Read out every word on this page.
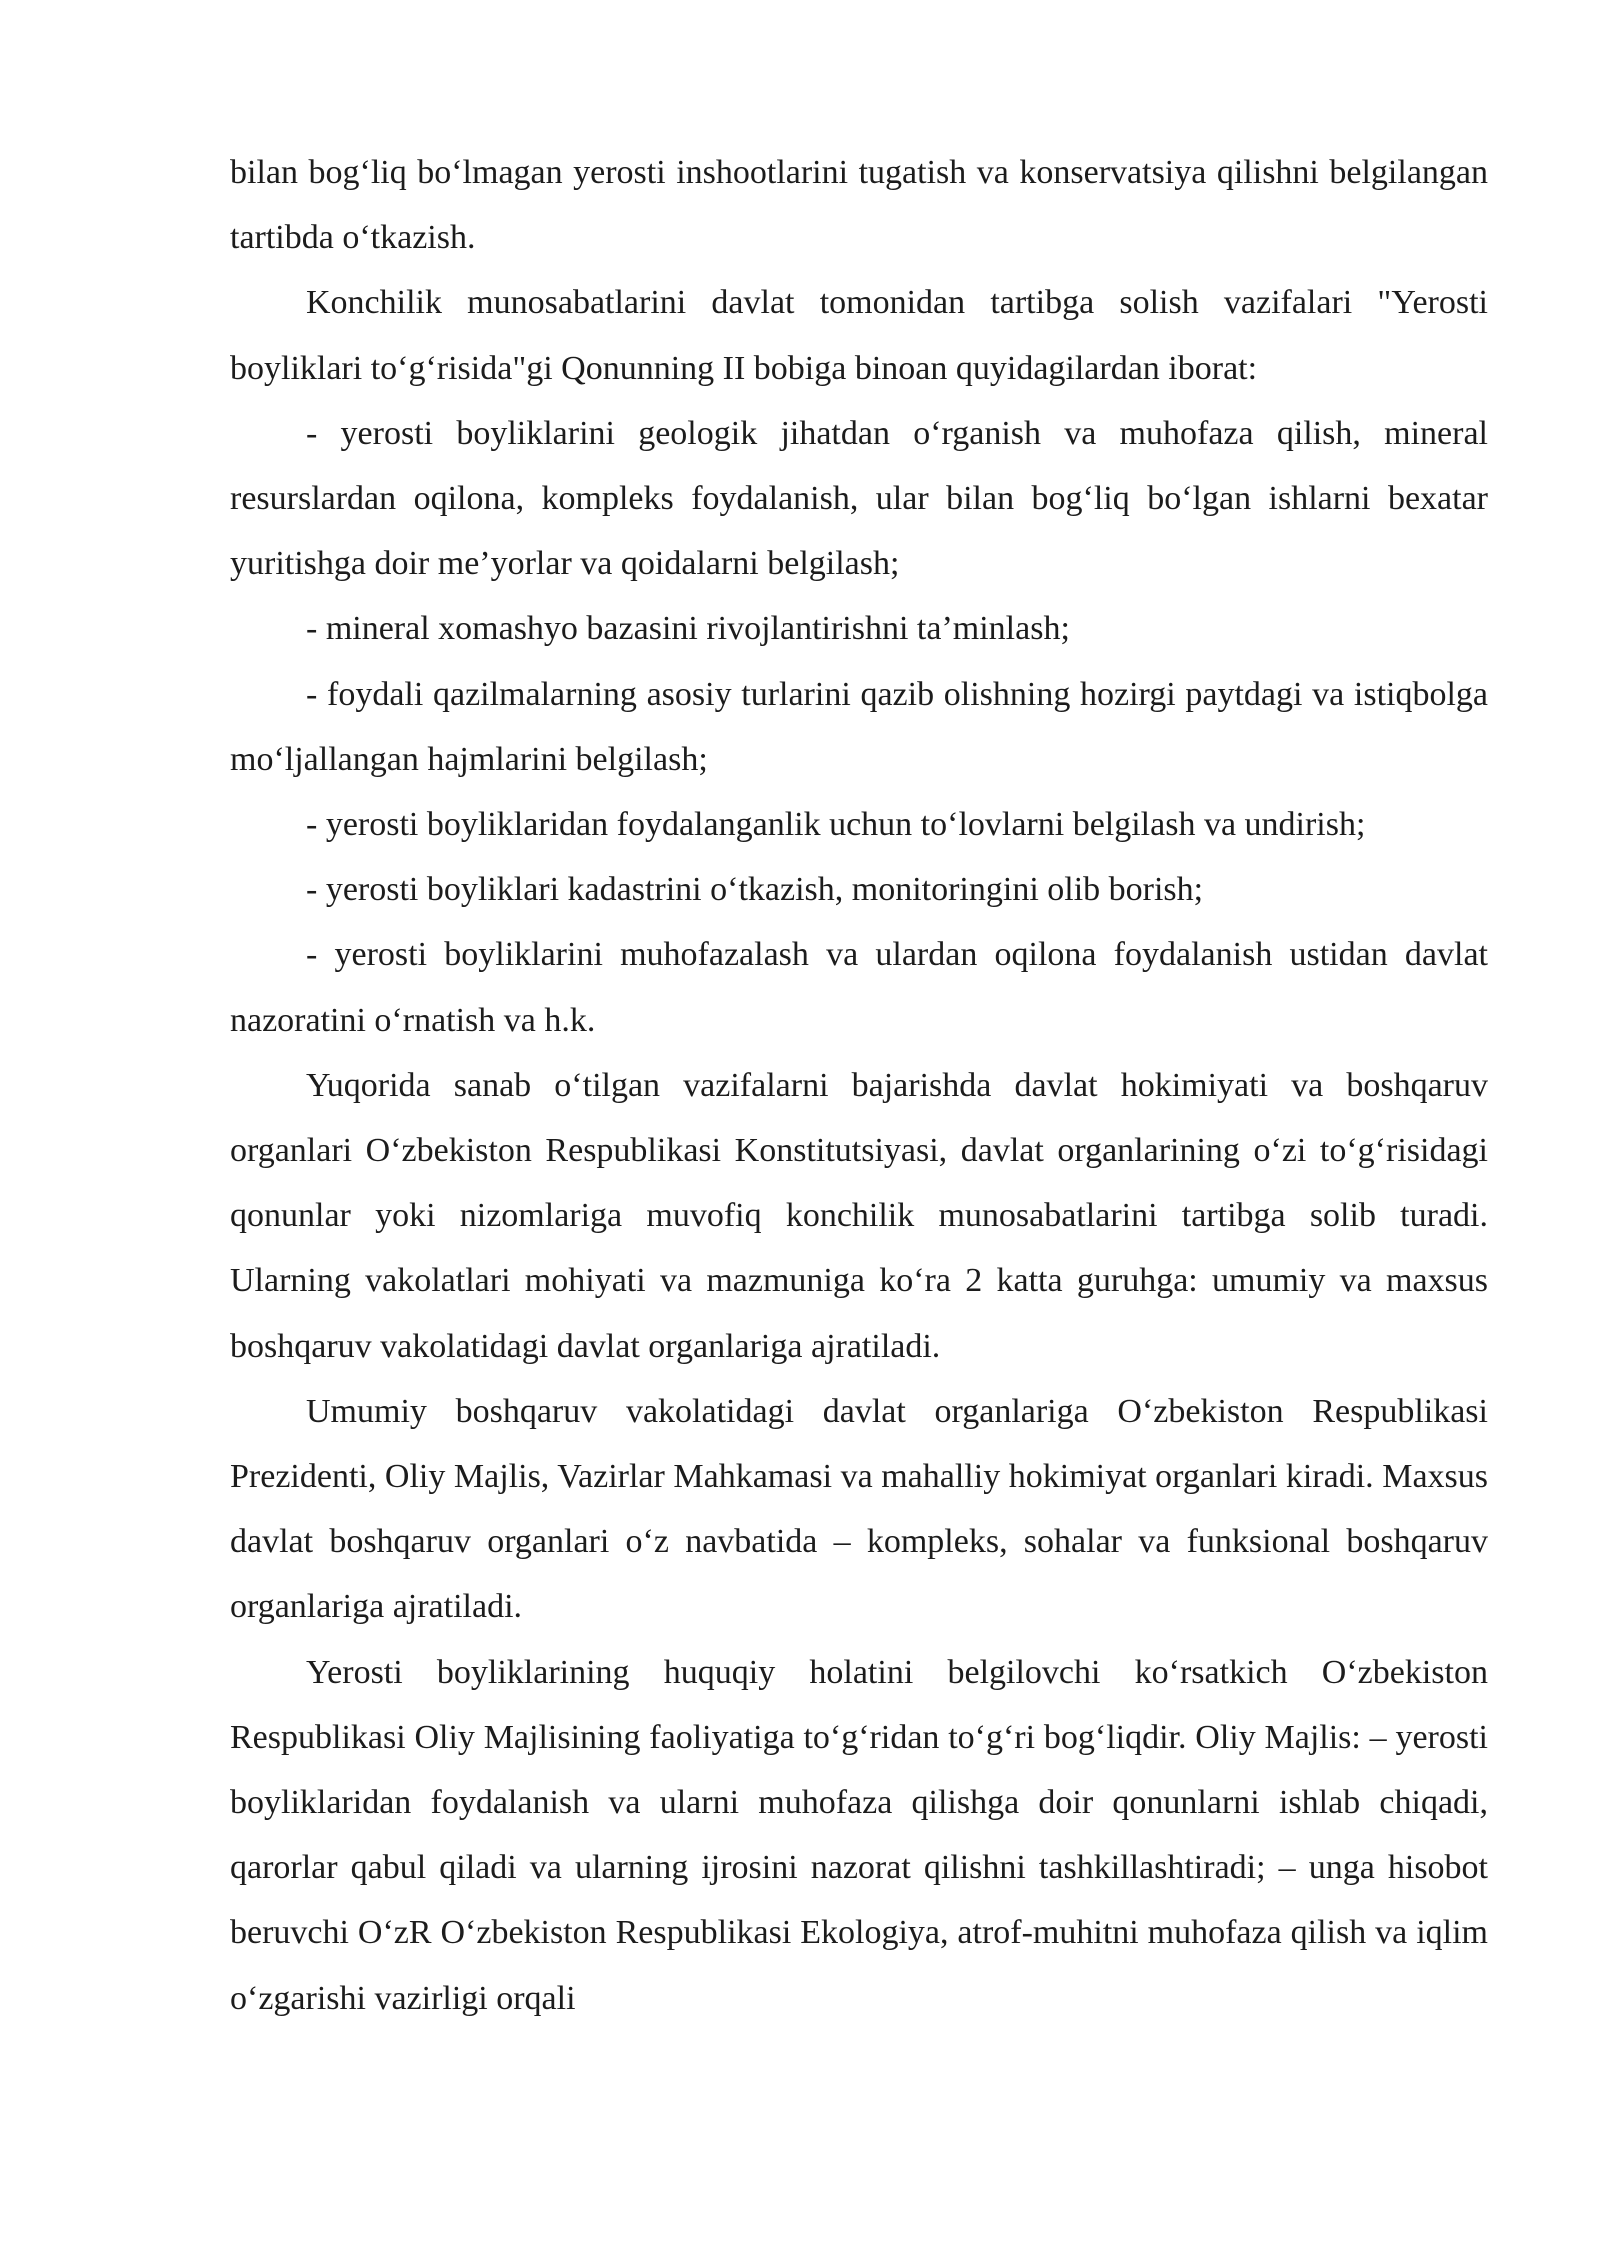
bilan bog‘liq bo‘lmagan yerosti inshootlarini tugatish va konservatsiya qilishni belgilangan tartibda o‘tkazish.

Konchilik munosabatlarini davlat tomonidan tartibga solish vazifalari "Yerosti boyliklari to‘g‘risida"gi Qonunning II bobiga binoan quyidagilardan iborat:

- yerosti boyliklarini geologik jihatdan o‘rganish va muhofaza qilish, mineral resurslardan oqilona, kompleks foydalanish, ular bilan bog‘liq bo‘lgan ishlarni bexatar yuritishga doir me’yorlar va qoidalarni belgilash;

- mineral xomashyo bazasini rivojlantirishni ta’minlash;

- foydali qazilmalarning asosiy turlarini qazib olishning hozirgi paytdagi va istiqbolga mo‘ljallangan hajmlarini belgilash;

- yerosti boyliklaridan foydalanganlik uchun to‘lovlarni belgilash va undirish;

- yerosti boyliklari kadastrini o‘tkazish, monitoringini olib borish;

- yerosti boyliklarini muhofazalash va ulardan oqilona foydalanish ustidan davlat nazoratini o‘rnatish va h.k.

Yuqorida sanab o‘tilgan vazifalarni bajarishda davlat hokimiyati va boshqaruv organlari O‘zbekiston Respublikasi Konstitutsiyasi, davlat organlarining o‘zi to‘g‘risidagi qonunlar yoki nizomlariga muvofiq konchilik munosabatlarini tartibga solib turadi. Ularning vakolatlari mohiyati va mazmuniga ko‘ra 2 katta guruhga: umumiy va maxsus boshqaruv vakolatidagi davlat organlariga ajratiladi.

Umumiy boshqaruv vakolatidagi davlat organlariga O‘zbekiston Respublikasi Prezidenti, Oliy Majlis, Vazirlar Mahkamasi va mahalliy hokimiyat organlari kiradi. Maxsus davlat boshqaruv organlari o‘z navbatida – kompleks, sohalar va funksional boshqaruv organlariga ajratiladi.

Yerosti boyliklarining huquqiy holatini belgilovchi ko‘rsatkich O‘zbekiston Respublikasi Oliy Majlisining faoliyatiga to‘g‘ridan to‘g‘ri bog‘liqdir. Oliy Majlis: – yerosti boyliklaridan foydalanish va ularni muhofaza qilishga doir qonunlarni ishlab chiqadi, qarorlar qabul qiladi va ularning ijrosini nazorat qilishni tashkillashtiradi; – unga hisobot beruvchi O‘zR O‘zbekiston Respublikasi Ekologiya, atrof-muhitni muhofaza qilish va iqlim o‘zgarishi vazirligi orqali
